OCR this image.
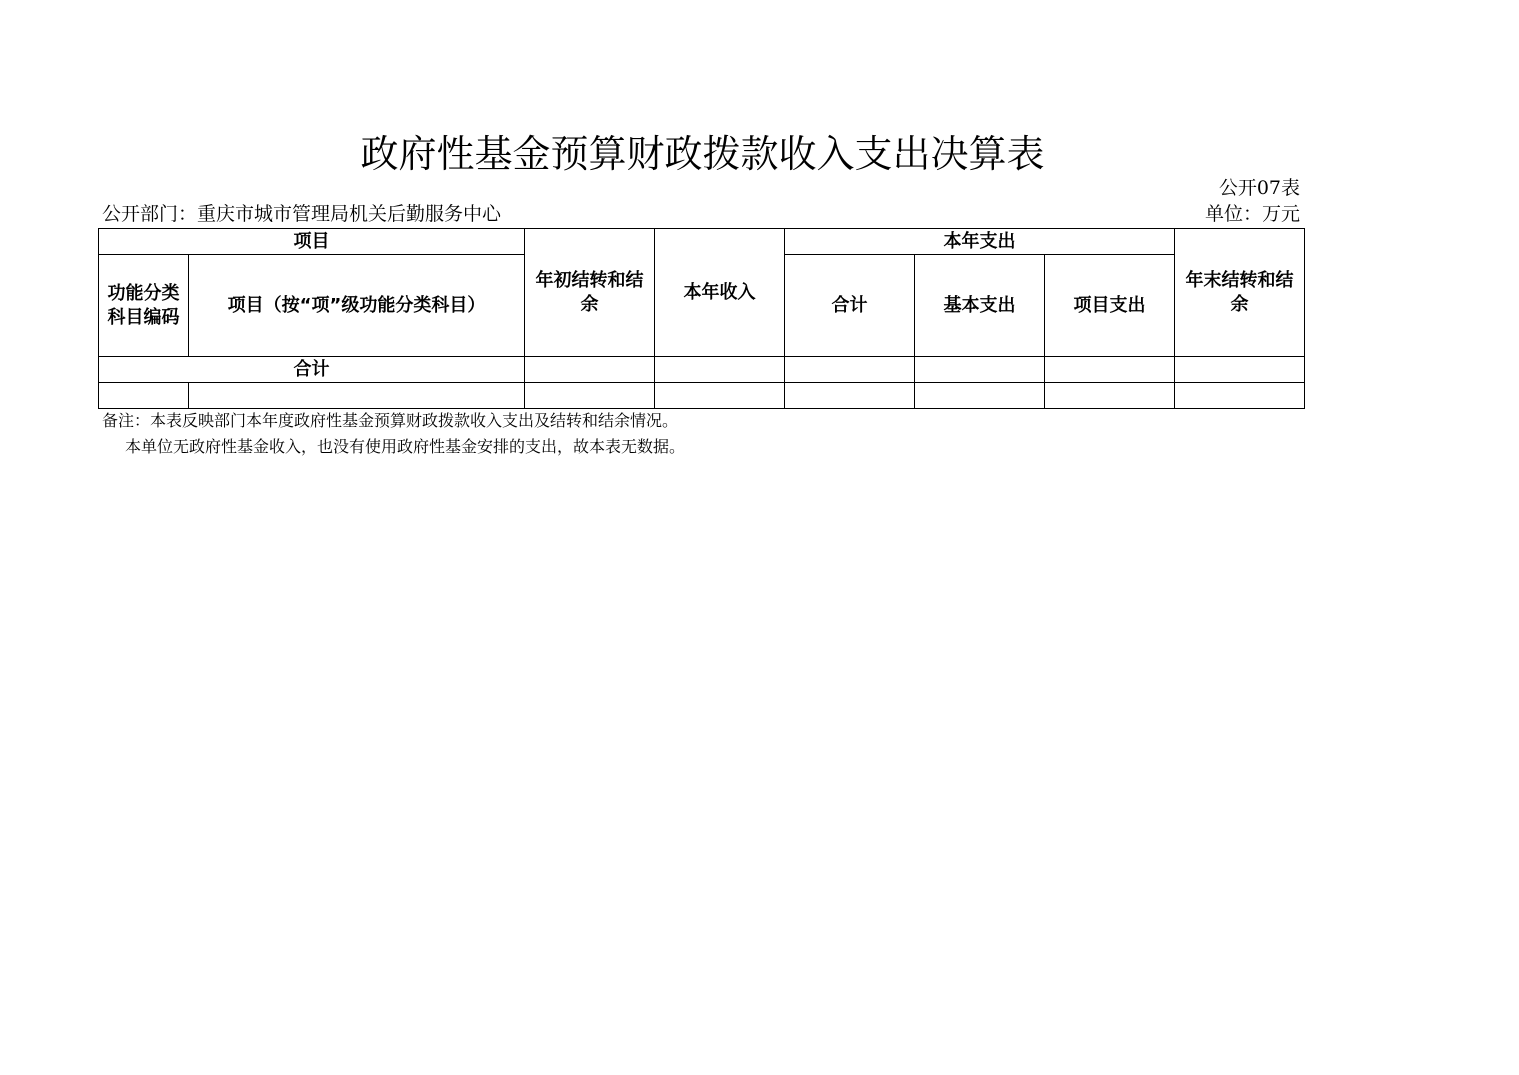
政府性基金预算财政拨款收入支出决算表
公开07表
公开部门：重庆市城市管理局机关后勤服务中心	单位：万元
项目		年初结转和结余	本年收入	本年支出			年末结转和结余
功能分类科目编码	项目（按“项”级功能分类科目）			合计	基本支出	项目支出	
合计							

备注：本表反映部门本年度政府性基金预算财政拨款收入支出及结转和结余情况。
本单位无政府性基金收入，也没有使用政府性基金安排的支出，故本表无数据。
